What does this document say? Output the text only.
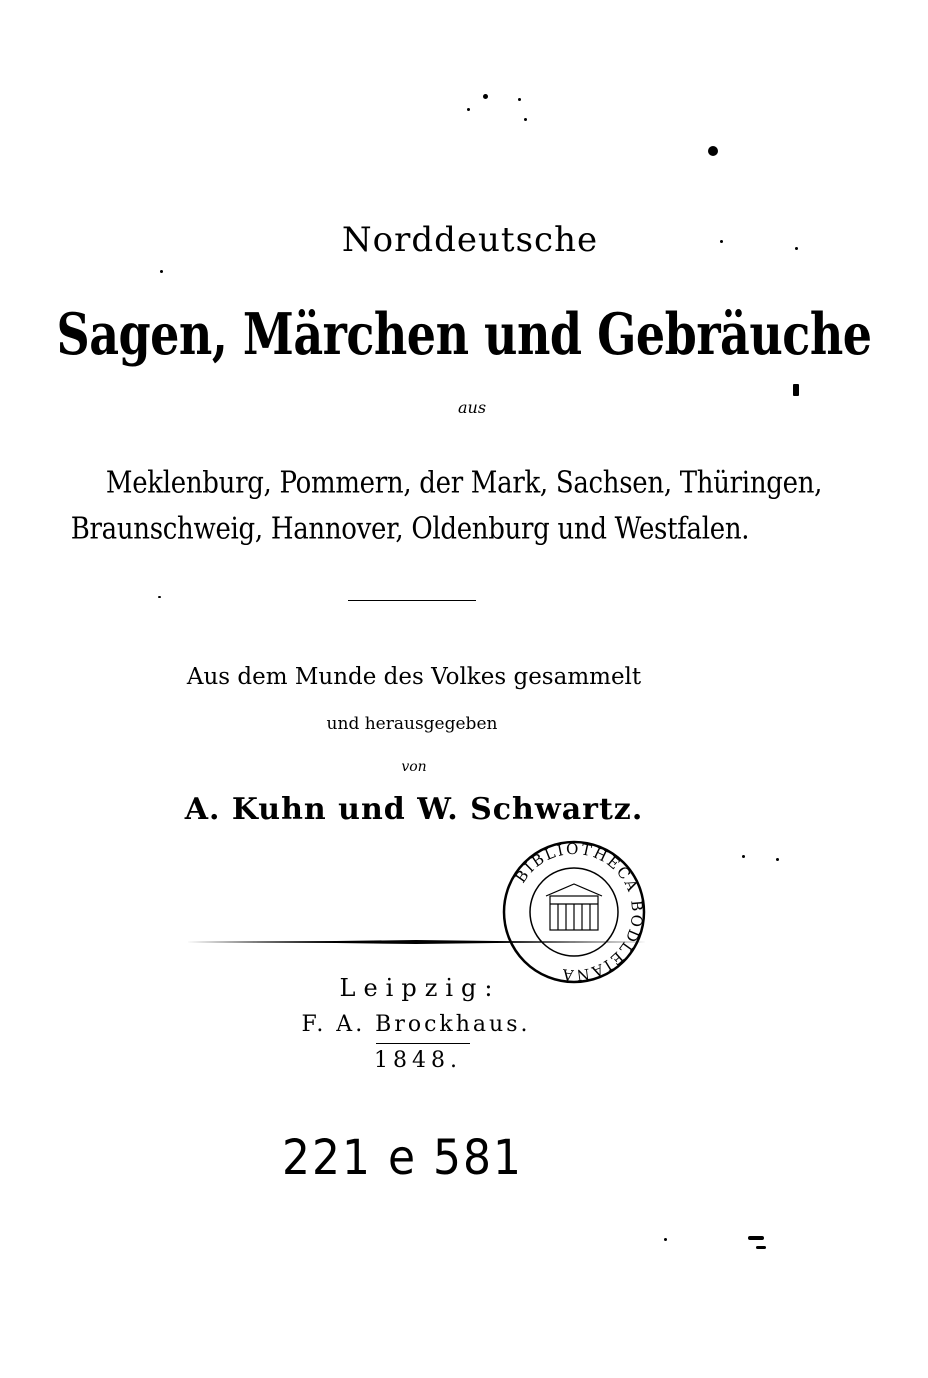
Norddeutsche
Sagen, Märchen und Gebräuche
aus
Meklenburg, Pommern, der Mark, Sachsen, Thüringen,
Braunschweig, Hannover, Oldenburg und Westfalen.
Aus dem Munde des Volkes gesammelt
und herausgegeben
von
A. Kuhn und W. Schwartz.
BIBLIOTHECA BODLEIANA
Leipzig:
F. A. Brockhaus.
1848.
221 e 581
